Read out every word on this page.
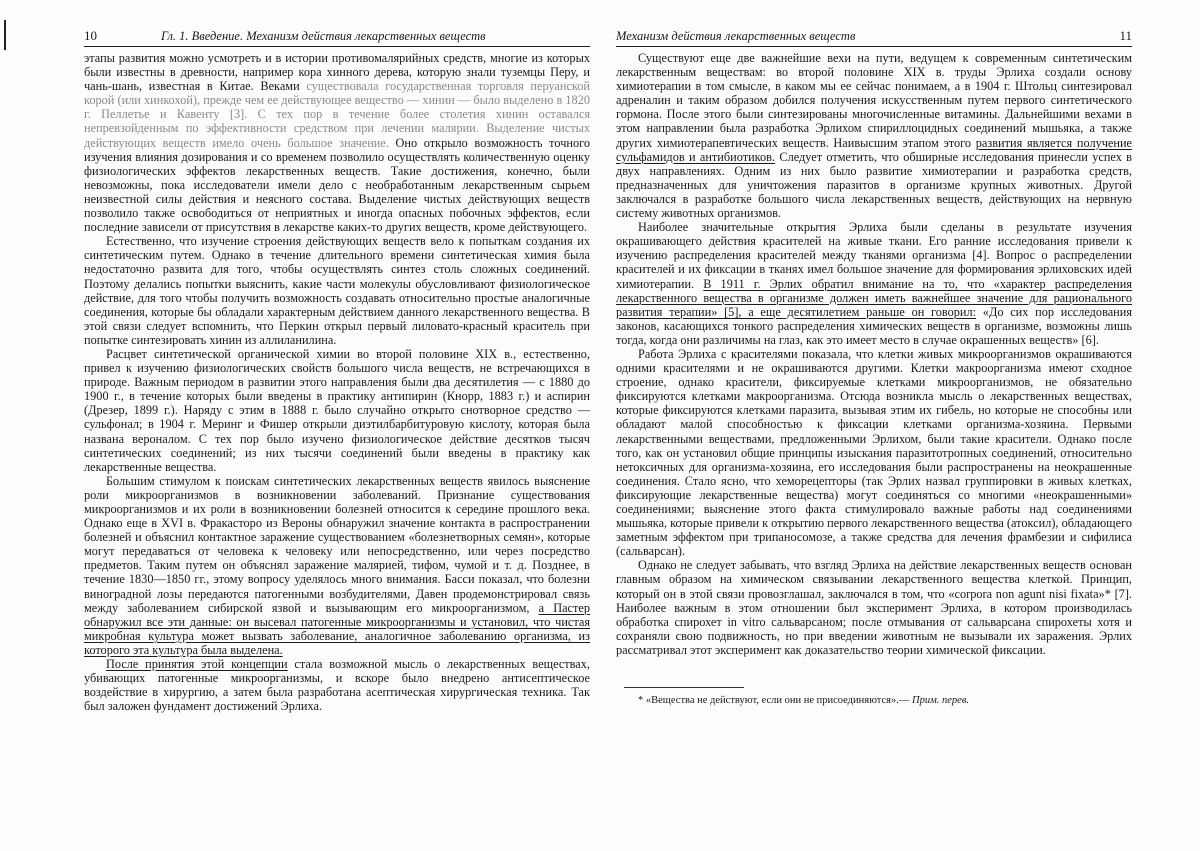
10	Гл. 1. Введение. Механизм действия лекарственных веществ

этапы развития можно усмотреть и в истории противомалярийных средств, многие из которых были известны в древности, например кора хинного дерева, которую знали туземцы Перу, и чань-шань, известная в Китае. Веками существовала государственная торговля перуанской корой (или хинкохой), прежде чем ее действующее вещество — хинин — было выделено в 1820 г. Пеллетье и Кавенту [3]. С тех пор в течение более столетия хинин оставался непревзойденным по эффективности средством при лечении малярии. Выделение чистых действующих веществ имело очень большое значение. Оно открыло возможность точного изучения влияния дозирования и со временем позволило осуществлять количественную оценку физиологических эффектов лекарственных веществ. Такие достижения, конечно, были невозможны, пока исследователи имели дело с необработанным лекарственным сырьем неизвестной силы действия и неясного состава. Выделение чистых действующих веществ позволило также освободиться от неприятных и иногда опасных побочных эффектов, если последние зависели от присутствия в лекарстве каких-то других веществ, кроме действующего.

Естественно, что изучение строения действующих веществ вело к попыткам создания их синтетическим путем. Однако в течение длительного времени синтетическая химия была недостаточно развита для того, чтобы осуществлять синтез столь сложных соединений. Поэтому делались попытки выяснить, какие части молекулы обусловливают физиологическое действие, для того чтобы получить возможность создавать относительно простые аналогичные соединения, которые бы обладали характерным действием данного лекарственного вещества. В этой связи следует вспомнить, что Перкин открыл первый лиловато-красный краситель при попытке синтезировать хинин из аллиланилина.

Расцвет синтетической органической химии во второй половине XIX в., естественно, привел к изучению физиологических свойств большого числа веществ, не встречающихся в природе. Важным периодом в развитии этого направления были два десятилетия — с 1880 до 1900 г., в течение которых были введены в практику антипирин (Кнорр, 1883 г.) и аспирин (Дрезер, 1899 г.). Наряду с этим в 1888 г. было случайно открыто снотворное средство — сульфонал; в 1904 г. Меринг и Фишер открыли диэтилбарбитуровую кислоту, которая была названа вероналом. С тех пор было изучено физиологическое действие десятков тысяч синтетических соединений; из них тысячи соединений были введены в практику как лекарственные вещества.

Большим стимулом к поискам синтетических лекарственных веществ явилось выяснение роли микроорганизмов в возникновении заболеваний. Признание существования микроорганизмов и их роли в возникновении болезней относится к середине прошлого века. Однако еще в XVI в. Фракасторо из Вероны обнаружил значение контакта в распространении болезней и объяснил контактное заражение существованием «болезнетворных семян», которые могут передаваться от человека к человеку или непосредственно, или через посредство предметов. Таким путем он объяснял заражение малярией, тифом, чумой и т. д. Позднее, в течение 1830—1850 гг., этому вопросу уделялось много внимания. Басси показал, что болезни виноградной лозы передаются патогенными возбудителями, Давен продемонстрировал связь между заболеванием сибирской язвой и вызывающим его микроорганизмом, а Пастер обнаружил все эти данные: он высевал патогенные микроорганизмы и установил, что чистая микробная культура может вызвать заболевание, аналогичное заболеванию организма, из которого эта культура была выделена.

После принятия этой концепции стала возможной мысль о лекарственных веществах, убивающих патогенные микроорганизмы, и вскоре было внедрено антисептическое воздействие в хирургию, а затем была разработана асептическая хирургическая техника. Так был заложен фундамент достижений Эрлиха.

Механизм действия лекарственных веществ	11

Существуют еще две важнейшие вехи на пути, ведущем к современным синтетическим лекарственным веществам: во второй половине XIX в. труды Эрлиха создали основу химиотерапии в том смысле, в каком мы ее сейчас понимаем, а в 1904 г. Штольц синтезировал адреналин и таким образом добился получения искусственным путем первого синтетического гормона. После этого были синтезированы многочисленные витамины. Дальнейшими вехами в этом направлении была разработка Эрлихом спириллоцидных соединений мышьяка, а также других химиотерапевтических веществ. Наивысшим этапом этого развития является получение сульфамидов и антибиотиков. Следует отметить, что обширные исследования принесли успех в двух направлениях. Одним из них было развитие химиотерапии и разработка средств, предназначенных для уничтожения паразитов в организме крупных животных. Другой заключался в разработке большого числа лекарственных веществ, действующих на нервную систему животных организмов.

Наиболее значительные открытия Эрлиха были сделаны в результате изучения окрашивающего действия красителей на живые ткани. Его ранние исследования привели к изучению распределения красителей между тканями организма [4]. Вопрос о распределении красителей и их фиксации в тканях имел большое значение для формирования эрлиховских идей химиотерапии. В 1911 г. Эрлих обратил внимание на то, что «характер распределения лекарственного вещества в организме должен иметь важнейшее значение для рационального развития терапии» [5], а еще десятилетием раньше он говорил: «До сих пор исследования законов, касающихся тонкого распределения химических веществ в организме, возможны лишь тогда, когда они различимы на глаз, как это имеет место в случае окрашенных веществ» [6].

Работа Эрлиха с красителями показала, что клетки живых микроорганизмов окрашиваются одними красителями и не окрашиваются другими. Клетки макроорганизма имеют сходное строение, однако красители, фиксируемые клетками микроорганизмов, не обязательно фиксируются клетками макроорганизма. Отсюда возникла мысль о лекарственных веществах, которые фиксируются клетками паразита, вызывая этим их гибель, но которые не способны или обладают малой способностью к фиксации клетками организма-хозяина. Первыми лекарственными веществами, предложенными Эрлихом, были такие красители. Однако после того, как он установил общие принципы изыскания паразитотропных соединений, относительно нетоксичных для организма-хозяина, его исследования были распространены на неокрашенные соединения. Стало ясно, что хеморецепторы (так Эрлих назвал группировки в живых клетках, фиксирующие лекарственные вещества) могут соединяться со многими «неокрашенными» соединениями; выяснение этого факта стимулировало важные работы над соединениями мышьяка, которые привели к открытию первого лекарственного вещества (атоксил), обладающего заметным эффектом при трипаносомозе, а также средства для лечения фрамбезии и сифилиса (сальварсан).

Однако не следует забывать, что взгляд Эрлиха на действие лекарственных веществ основан главным образом на химическом связывании лекарственного вещества клеткой. Принцип, который он в этой связи провозглашал, заключался в том, что «corpora non agunt nisi fixata»* [7]. Наиболее важным в этом отношении был эксперимент Эрлиха, в котором производилась обработка спирохет in vitro сальварсаном; после отмывания от сальварсана спирохеты хотя и сохраняли свою подвижность, но при введении животным не вызывали их заражения. Эрлих рассматривал этот эксперимент как доказательство теории химической фиксации.

* «Вещества не действуют, если они не присоединяются».— Прим. перев.
